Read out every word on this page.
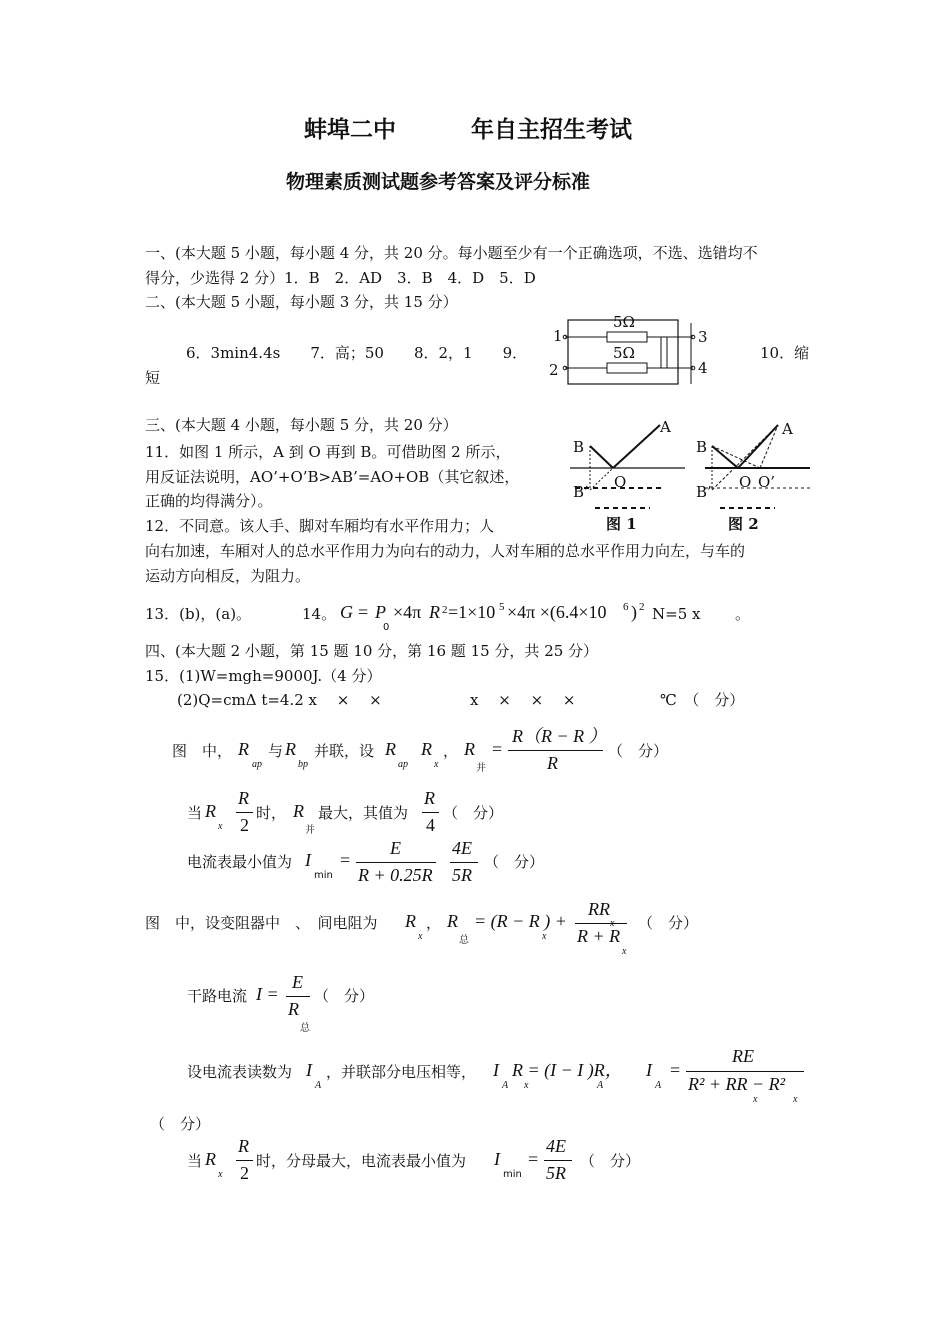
蚌埠二中	年自主招生考试
物理素质测试题参考答案及评分标准
一、(本大题 5 小题，每小题 4 分，共 20 分。每小题至少有一个正确选项，不选、选错均不
得分，少选得 2 分）1．B　2．AD　3．B　4．D　5．D
二、(本大题 5 小题，每小题 3 分，共 15 分）
6．3min4.4s　　7．高；50　　8．2，1　　9．	10．缩
短
5Ω
5Ω
1
2
3
4
三、(本大题 4 小题，每小题 5 分，共 20 分）
11．如图 1 所示，A 到 O 再到 B。可借助图 2 所示，
用反证法说明，AO’+O’B>AB’=AO+OB（其它叙述，
正确的均得满分）。
12．不同意。该人手、脚对车厢均有水平作用力；人
向右加速，车厢对人的总水平作用力为向右的动力，人对车厢的总水平作用力向左，与车的
运动方向相反，为阻力。
A
B
O
B’
图 1
A
B
O O’
B’
图 2
13．(b)，(a)。	14。 G = P
0
×4π R 2 =1×10 5 ×4π ×(6.4×10 6 ) 2 N=5 x 。
四、(本大题 2 小题，第 15 题 10 分，第 16 题 15 分，共 25 分）
15．(1)W=mgh=9000J.（4 分）
(2)Q=cmΔ t=4.2 x　 ×　 ×	x　 ×　 ×　 ×	℃　（　分）
图　中， R
ap
与 R
bp
并联，设 R
ap
R
x
， R
并
=
R（R − R ）
R
（　分）
当 R
x
R
2
时， R
并
最大，其值为
R
4
（　分）
电流表最小值为 I
min
=
E
R + 0.25R
4E
5R
（　分）
图　中，设变阻器中　、　间电阻为 R
x
， R
总
= (R − R ) +
x
RR
R + R
x
（　分）
干路电流 I =
E
R
总
（　分）
设电流表读数为 I
A
，并联部分电压相等， I
A
R = (I − I )R，
x	A
I
A
=
RE
R² + RR − R²
x	x
（　分）
当 R
x
R
2
时，分母最大，电流表最小值为 I
min
=
4E
5R
（　分）
